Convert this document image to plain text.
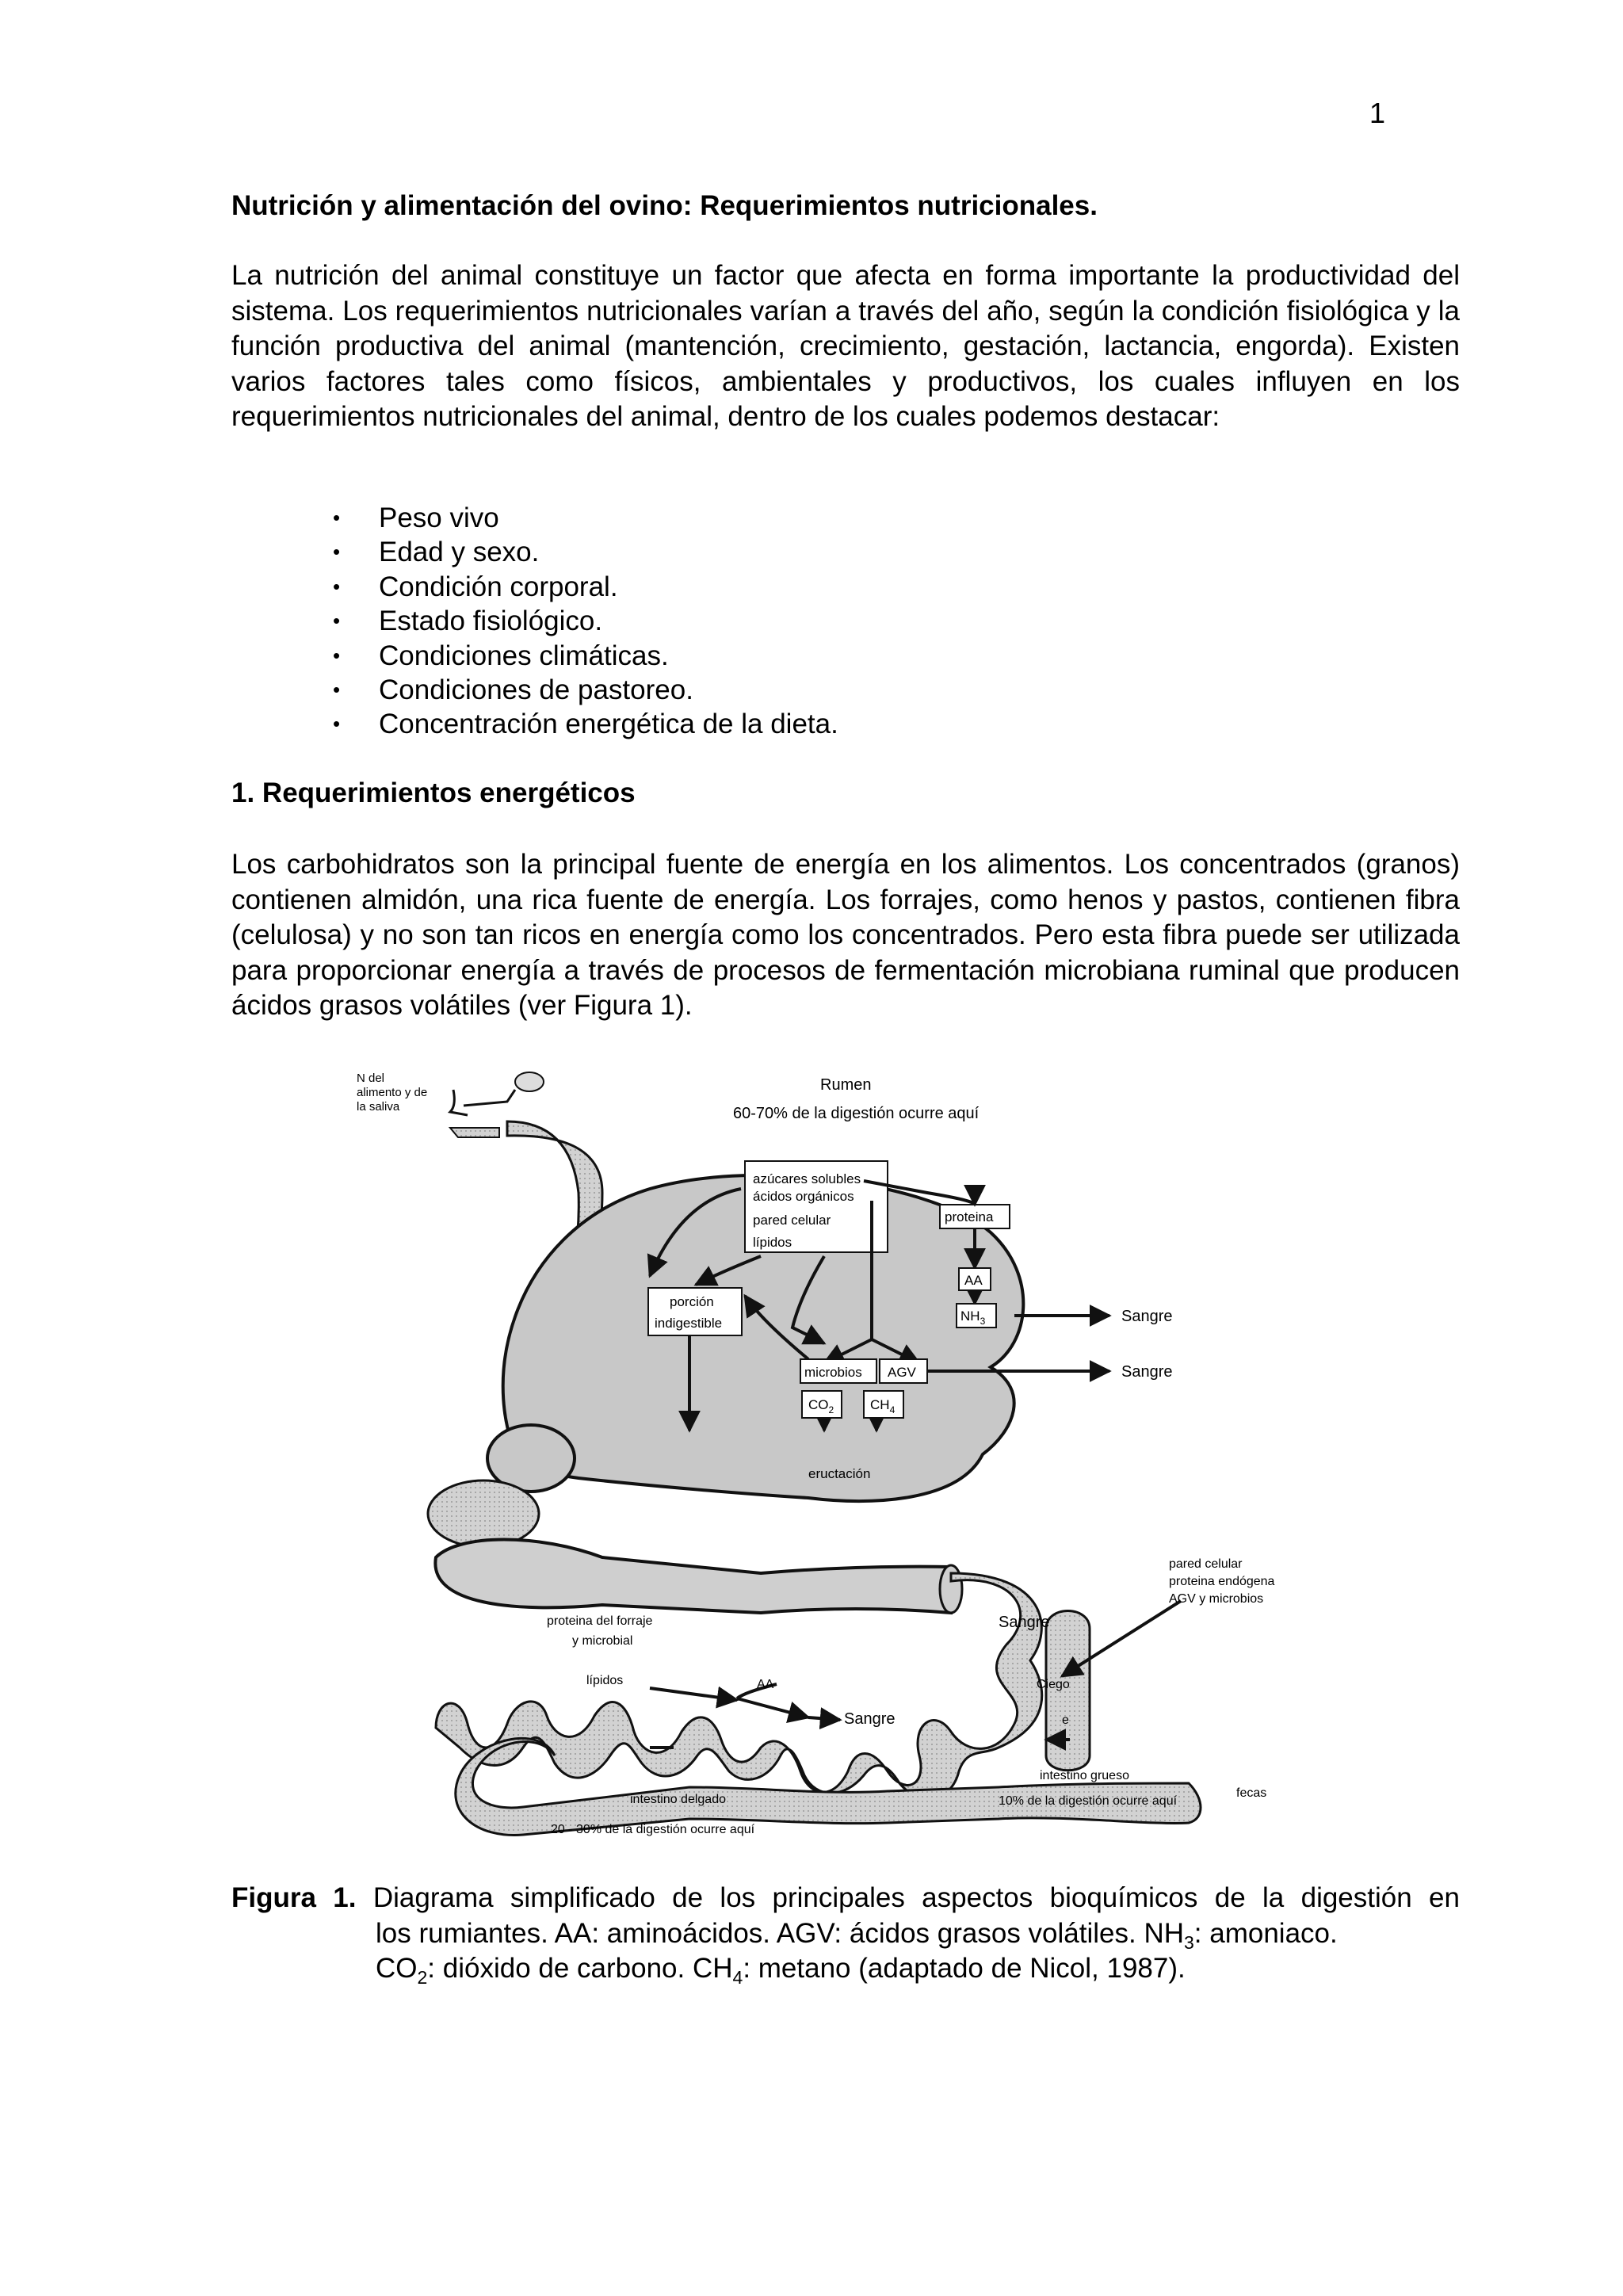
1
Nutrición y alimentación del ovino: Requerimientos nutricionales.
La nutrición del animal constituye un factor que afecta en forma importante la productividad del sistema. Los requerimientos nutricionales varían a través del año, según la condición fisiológica y la función productiva del animal (mantención, crecimiento, gestación, lactancia, engorda). Existen varios factores tales como físicos, ambientales y productivos, los cuales influyen en los requerimientos nutricionales del animal, dentro de los cuales podemos destacar:
• Peso vivo
• Edad y sexo.
• Condición corporal.
• Estado fisiológico.
• Condiciones climáticas.
• Condiciones de pastoreo.
• Concentración energética de la dieta.
1. Requerimientos energéticos
Los carbohidratos son la principal fuente de energía en los alimentos. Los concentrados (granos) contienen almidón, una rica fuente de energía. Los forrajes, como henos y pastos, contienen fibra (celulosa) y no son tan ricos en energía como los concentrados. Pero esta fibra puede ser utilizada para proporcionar energía a través de procesos de fermentación microbiana ruminal que producen ácidos grasos volátiles (ver Figura 1).
N del
alimento y de
la saliva
Rumen
60-70% de la digestión ocurre aquí
azúcares solubles
ácidos orgánicos
pared celular
lípidos
proteina
AA
$NH_3$
porción
indigestible
microbios AGV
$CO_2$	$CH_4$
eructación
Sangre
Sangre
Sangre
Sangre
pared celular
proteina endógena
AGV y microbios
proteina del forraje
y microbial
AA
lípidos	Ciego
e
intestino grueso
10% de la digestión ocurre aquí
fecas
intestino delgado
20 - 30% de la digestión ocurre aquí
Figura 1. Diagrama simplificado de los principales aspectos bioquímicos de la digestión en
los rumiantes. AA: aminoácidos. AGV: ácidos grasos volátiles. $NH_3$: amoniaco.
$CO_2$: dióxido de carbono. $CH_4$: metano (adaptado de Nicol, 1987).
